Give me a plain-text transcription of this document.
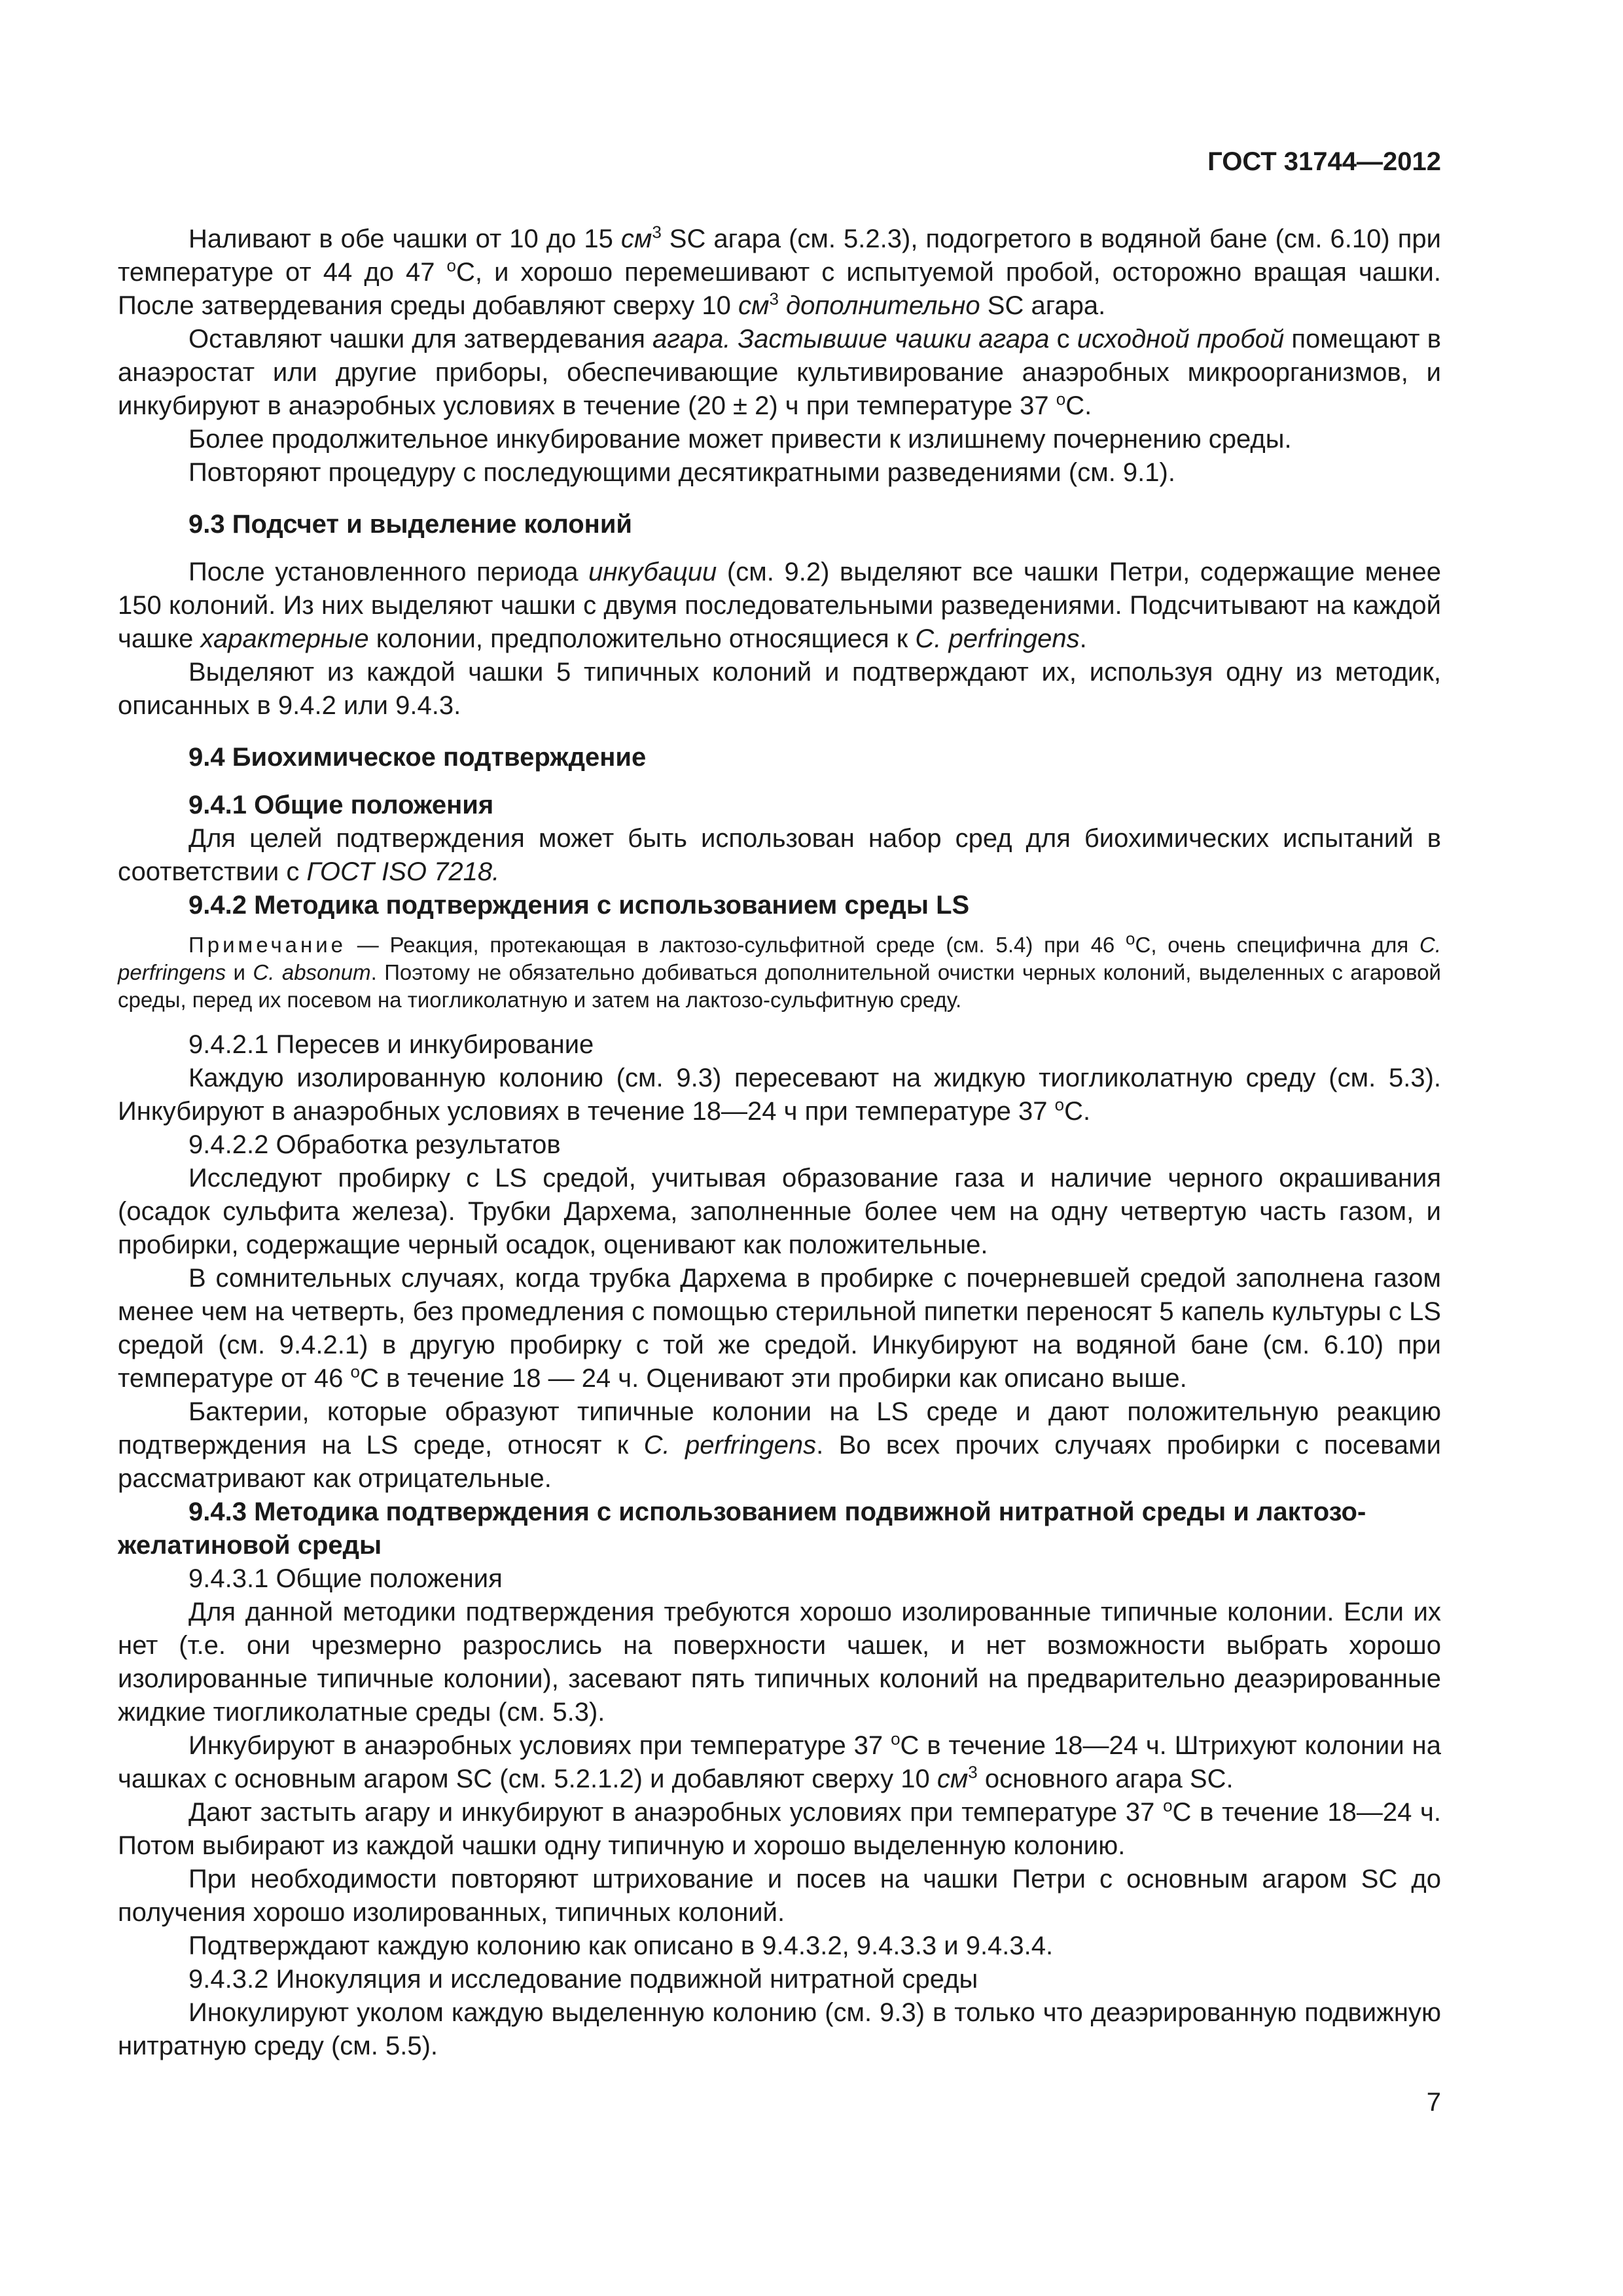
ГОСТ 31744—2012

Наливают в обе чашки от 10 до 15 $см^3$ SC агара (см. 5.2.3), подогретого в водяной бане (см. 6.10) при температуре от 44 до 47 $^о$С, и хорошо перемешивают с испытуемой пробой, осторожно вращая чашки. После затвердевания среды добавляют сверху 10 $см^3$ дополнительно SC агара.

Оставляют чашки для затвердевания агара. Застывшие чашки агара с исходной пробой помещают в анаэростат или другие приборы, обеспечивающие культивирование анаэробных микроорганизмов, и инкубируют в анаэробных условиях в течение (20 ± 2) ч при температуре 37 $^о$С.

Более продолжительное инкубирование может привести к излишнему почернению среды.

Повторяют процедуру с последующими десятикратными разведениями (см. 9.1).

9.3 Подсчет и выделение колоний

После установленного периода инкубации (см. 9.2) выделяют все чашки Петри, содержащие менее 150 колоний. Из них выделяют чашки с двумя последовательными разведениями. Подсчитывают на каждой чашке характерные колонии, предположительно относящиеся к С. perfringens.

Выделяют из каждой чашки 5 типичных колоний и подтверждают их, используя одну из методик, описанных в 9.4.2 или 9.4.3.

9.4 Биохимическое подтверждение
9.4.1 Общие положения

Для целей подтверждения может быть использован набор сред для биохимических испытаний в соответствии с ГОСТ ISO 7218.

9.4.2 Методика подтверждения с использованием среды LS

Примечание — Реакция, протекающая в лактозо-сульфитной среде (см. 5.4) при 46 $^о$С, очень специфична для С. perfringens и С. absonum. Поэтому не обязательно добиваться дополнительной очистки черных колоний, выделенных с агаровой среды, перед их посевом на тиогликолатную и затем на лактозо-сульфитную среду.

9.4.2.1 Пересев и инкубирование

Каждую изолированную колонию (см. 9.3) пересевают на жидкую тиогликолатную среду (см. 5.3). Инкубируют в анаэробных условиях в течение 18—24 ч при температуре 37 $^о$С.

9.4.2.2 Обработка результатов

Исследуют пробирку с LS средой, учитывая образование газа и наличие черного окрашивания (осадок сульфита железа). Трубки Дархема, заполненные более чем на одну четвертую часть газом, и пробирки, содержащие черный осадок, оценивают как положительные.

В сомнительных случаях, когда трубка Дархема в пробирке с почерневшей средой заполнена газом менее чем на четверть, без промедления с помощью стерильной пипетки переносят 5 капель культуры с LS средой (см. 9.4.2.1) в другую пробирку с той же средой. Инкубируют на водяной бане (см. 6.10) при температуре от 46 $^о$С в течение 18 — 24 ч. Оценивают эти пробирки как описано выше.

Бактерии, которые образуют типичные колонии на LS среде и дают положительную реакцию подтверждения на LS среде, относят к С. perfringens. Во всех прочих случаях пробирки с посевами рассматривают как отрицательные.

9.4.3 Методика подтверждения с использованием подвижной нитратной среды и лактозо-желатиновой среды

9.4.3.1 Общие положения

Для данной методики подтверждения требуются хорошо изолированные типичные колонии. Если их нет (т.е. они чрезмерно разрослись на поверхности чашек, и нет возможности выбрать хорошо изолированные типичные колонии), засевают пять типичных колоний на предварительно деаэрированные жидкие тиогликолатные среды (см. 5.3).

Инкубируют в анаэробных условиях при температуре 37 $^о$С в течение 18—24 ч. Штрихуют колонии на чашках с основным агаром SC (см. 5.2.1.2) и добавляют сверху 10 $см^3$ основного агара SC.

Дают застыть агару и инкубируют в анаэробных условиях при температуре 37 $^о$С в течение 18—24 ч. Потом выбирают из каждой чашки одну типичную и хорошо выделенную колонию.

При необходимости повторяют штрихование и посев на чашки Петри с основным агаром SC до получения хорошо изолированных, типичных колоний.

Подтверждают каждую колонию как описано в 9.4.3.2, 9.4.3.3 и 9.4.3.4.

9.4.3.2 Инокуляция и исследование подвижной нитратной среды

Инокулируют уколом каждую выделенную колонию (см. 9.3) в только что деаэрированную подвижную нитратную среду (см. 5.5).

7
